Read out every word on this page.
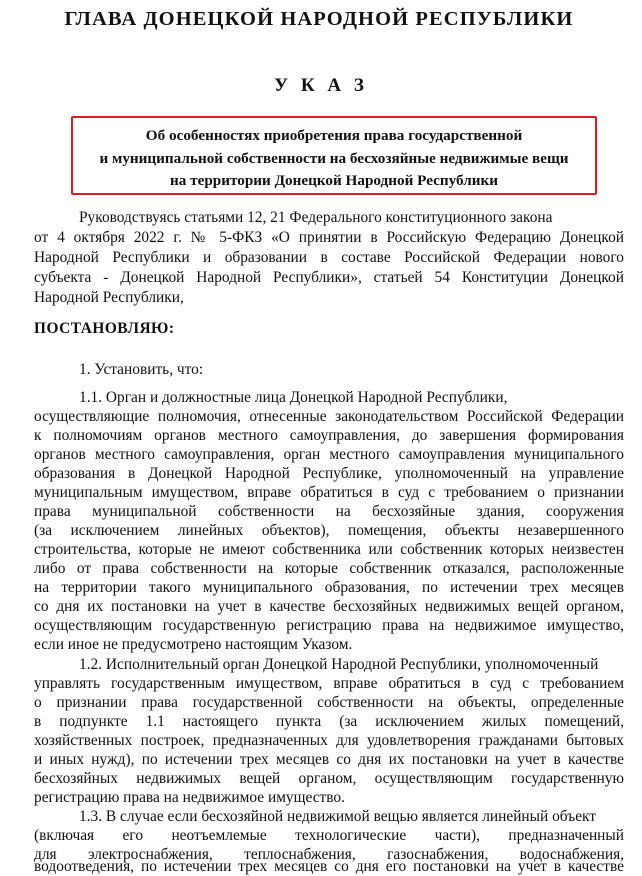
ГЛАВА ДОНЕЦКОЙ НАРОДНОЙ РЕСПУБЛИКИ
У К А З
Об особенностях приобретения права государственной
и муниципальной собственности на бесхозяйные недвижимые вещи
на территории Донецкой Народной Республики
Руководствуясь статьями 12, 21 Федерального конституционного закона
от 4 октября 2022 г. № 5-ФКЗ «О принятии в Российскую Федерацию Донецкой
Народной Республики и образовании в составе Российской Федерации нового
субъекта - Донецкой Народной Республики», статьей 54 Конституции Донецкой
Народной Республики,
ПОСТАНОВЛЯЮ:
1. Установить, что:
1.1. Орган и должностные лица Донецкой Народной Республики,
осуществляющие полномочия, отнесенные законодательством Российской Федерации
к полномочиям органов местного самоуправления, до завершения формирования
органов местного самоуправления, орган местного самоуправления муниципального
образования в Донецкой Народной Республике, уполномоченный на управление
муниципальным имуществом, вправе обратиться в суд с требованием о признании
права муниципальной собственности на бесхозяйные здания, сооружения
(за исключением линейных объектов), помещения, объекты незавершенного
строительства, которые не имеют собственника или собственник которых неизвестен
либо от права собственности на которые собственник отказался, расположенные
на территории такого муниципального образования, по истечении трех месяцев
со дня их постановки на учет в качестве бесхозяйных недвижимых вещей органом,
осуществляющим государственную регистрацию права на недвижимое имущество,
если иное не предусмотрено настоящим Указом.
1.2. Исполнительный орган Донецкой Народной Республики, уполномоченный
управлять государственным имуществом, вправе обратиться в суд с требованием
о признании права государственной собственности на объекты, определенные
в подпункте 1.1 настоящего пункта (за исключением жилых помещений,
хозяйственных построек, предназначенных для удовлетворения гражданами бытовых
и иных нужд), по истечении трех месяцев со дня их постановки на учет в качестве
бесхозяйных недвижимых вещей органом, осуществляющим государственную
регистрацию права на недвижимое имущество.
1.3. В случае если бесхозяйной недвижимой вещью является линейный объект
(включая его неотъемлемые технологические части), предназначенный
для электроснабжения, теплоснабжения, газоснабжения, водоснабжения,
водоотведения, по истечении трех месяцев со дня его постановки на учет в качестве
